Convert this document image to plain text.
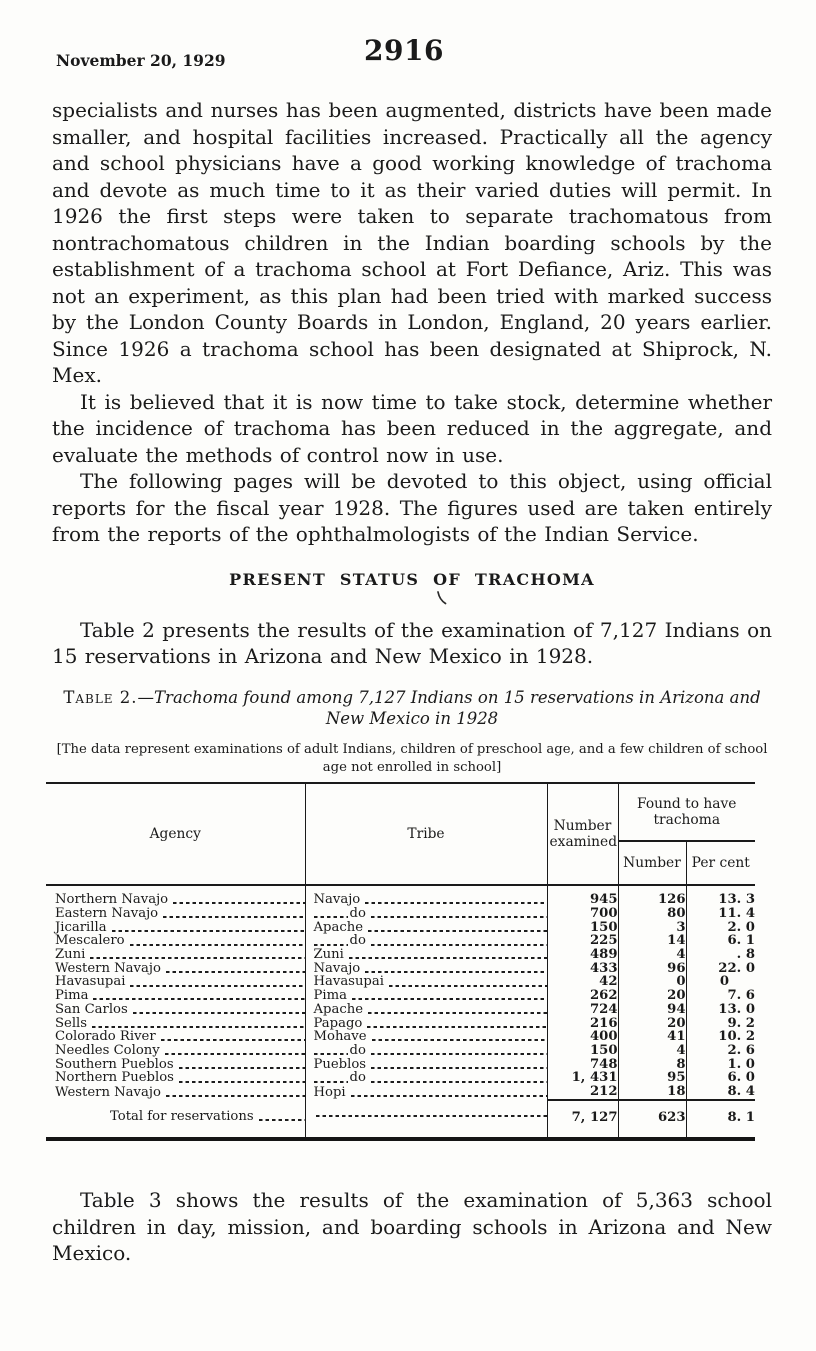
November 20, 1929	2916

specialists and nurses has been augmented, districts have been made smaller, and hospital facilities increased. Practically all the agency and school physicians have a good working knowledge of trachoma and devote as much time to it as their varied duties will permit. In 1926 the first steps were taken to separate trachomatous from nontrachomatous children in the Indian boarding schools by the establishment of a trachoma school at Fort Defiance, Ariz. This was not an experiment, as this plan had been tried with marked success by the London County Boards in London, England, 20 years earlier. Since 1926 a trachoma school has been designated at Shiprock, N. Mex.

It is believed that it is now time to take stock, determine whether the incidence of trachoma has been reduced in the aggregate, and evaluate the methods of control now in use.

The following pages will be devoted to this object, using official reports for the fiscal year 1928. The figures used are taken entirely from the reports of the ophthalmologists of the Indian Service.

PRESENT STATUS OF TRACHOMA

Table 2 presents the results of the examination of 7,127 Indians on 15 reservations in Arizona and New Mexico in 1928.

Table 2.—Trachoma found among 7,127 Indians on 15 reservations in Arizona and New Mexico in 1928
[The data represent examinations of adult Indians, children of preschool age, and a few children of school age not enrolled in school]
Agency	Tribe	Number examined	Found to have trachoma	
			Number	Per cent

Northern Navajo	Navajo	945	126	13. 3

Eastern Navajo	do	700	80	11. 4

Jicarilla	Apache	150	3	2. 0

Mescalero	do	225	14	6. 1

Zuni	Zuni	489	4	. 8

Western Navajo	Navajo	433	96	22. 0

Havasupai	Havasupai	42	0	0

Pima	Pima	262	20	7. 6

San Carlos	Apache	724	94	13. 0

Sells	Papago	216	20	9. 2

Colorado River	Mohave	400	41	10. 2

Needles Colony	do	150	4	2. 6

Southern Pueblos	Pueblos	748	8	1. 0

Northern Pueblos	do	1, 431	95	6. 0

Western Navajo	Hopi	212	18	8. 4

Total for reservations		7, 127	623	8. 1

Table 3 shows the results of the examination of 5,363 school children in day, mission, and boarding schools in Arizona and New Mexico.
